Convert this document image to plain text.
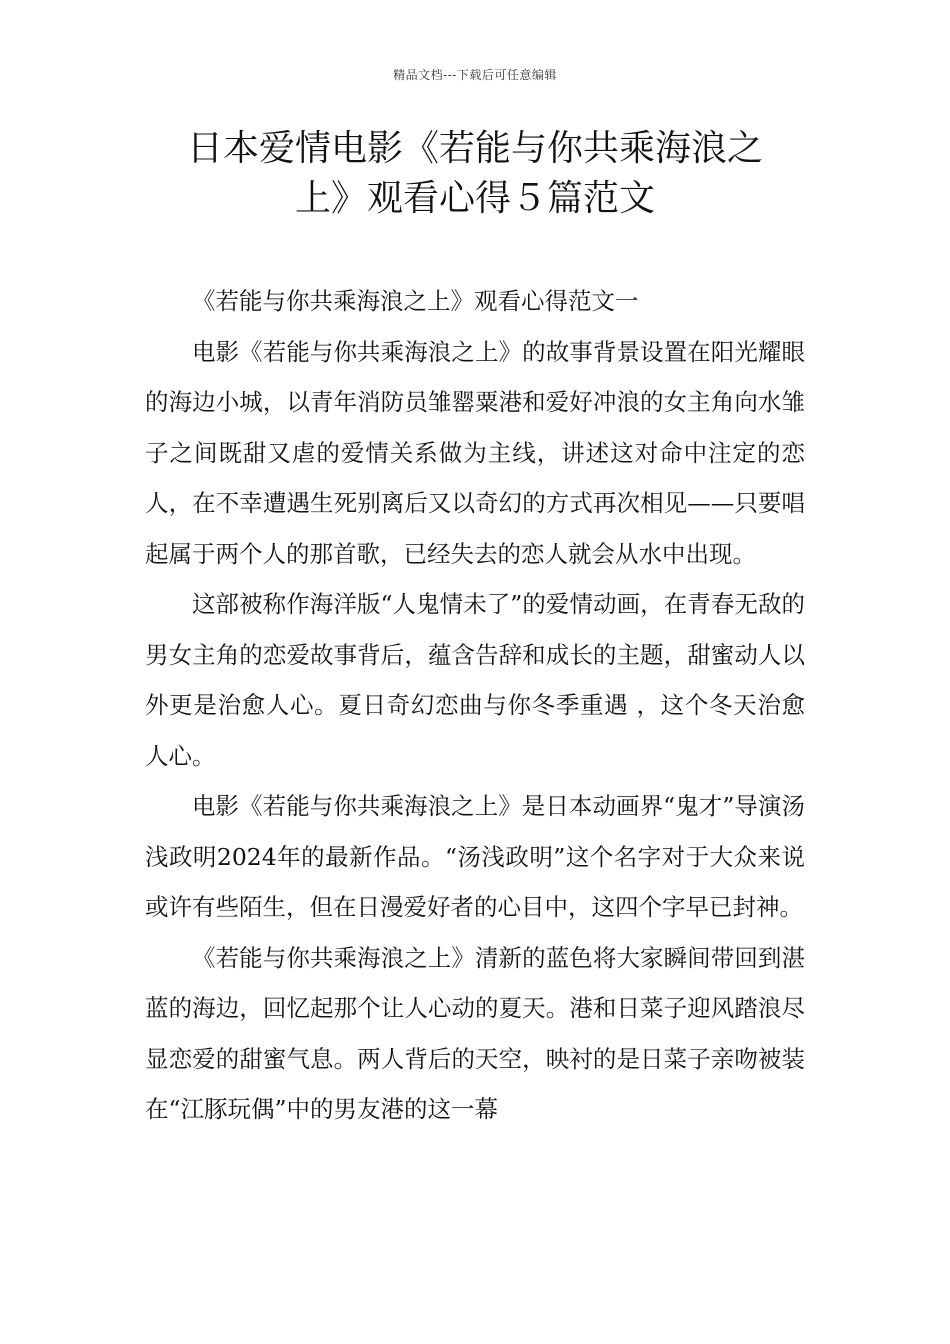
精品文档---下载后可任意编辑
日本爱情电影《若能与你共乘海浪之
上》观看心得５篇范文

《若能与你共乘海浪之上》观看心得范文一

电影《若能与你共乘海浪之上》的故事背景设置在阳光耀眼的海边小城，以青年消防员雏罂粟港和爱好冲浪的女主角向水雏子之间既甜又虐的爱情关系做为主线，讲述这对命中注定的恋人，在不幸遭遇生死别离后又以奇幻的方式再次相见——只要唱起属于两个人的那首歌，已经失去的恋人就会从水中出现。

这部被称作海洋版“人鬼情未了”的爱情动画，在青春无敌的男女主角的恋爱故事背后，蕴含告辞和成长的主题，甜蜜动人以外更是治愈人心。夏日奇幻恋曲与你冬季重遇 ，这个冬天治愈人心。

电影《若能与你共乘海浪之上》是日本动画界“鬼才”导演汤浅政明2024年的最新作品。“汤浅政明”这个名字对于大众来说或许有些陌生，但在日漫爱好者的心目中，这四个字早已封神。

《若能与你共乘海浪之上》清新的蓝色将大家瞬间带回到湛蓝的海边，回忆起那个让人心动的夏天。港和日菜子迎风踏浪尽显恋爱的甜蜜气息。两人背后的天空，映衬的是日菜子亲吻被装在“江豚玩偶”中的男友港的这一幕
